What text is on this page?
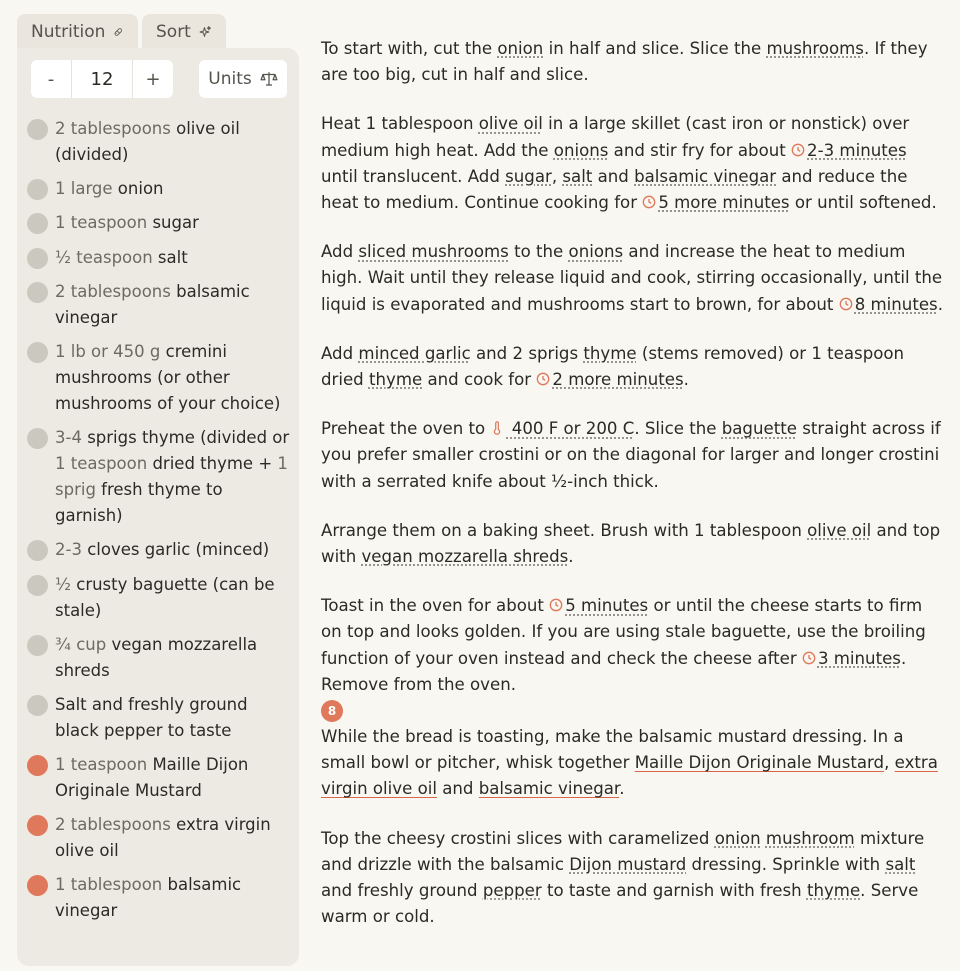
Nutrition	Sort
-	12	+	Units
2 tablespoons olive oil (divided)
1 large onion
1 teaspoon sugar
½ teaspoon salt
2 tablespoons balsamic vinegar
1 lb or 450 g cremini mushrooms (or other mushrooms of your choice)
3-4 sprigs thyme (divided or 1 teaspoon dried thyme + 1 sprig fresh thyme to garnish)
2-3 cloves garlic (minced)
½ crusty baguette (can be stale)
¾ cup vegan mozzarella shreds
Salt and freshly ground black pepper to taste
1 teaspoon Maille Dijon Originale Mustard
2 tablespoons extra virgin olive oil
1 tablespoon balsamic vinegar

To start with, cut the onion in half and slice. Slice the mushrooms. If they are too big, cut in half and slice.

Heat 1 tablespoon olive oil in a large skillet (cast iron or nonstick) over medium high heat. Add the onions and stir fry for about 2-3 minutes until translucent. Add sugar, salt and balsamic vinegar and reduce the heat to medium. Continue cooking for 5 more minutes or until softened.

Add sliced mushrooms to the onions and increase the heat to medium high. Wait until they release liquid and cook, stirring occasionally, until the liquid is evaporated and mushrooms start to brown, for about 8 minutes.

Add minced garlic and 2 sprigs thyme (stems removed) or 1 teaspoon dried thyme and cook for 2 more minutes.

Preheat the oven to  400 F or 200 C. Slice the baguette straight across if you prefer smaller crostini or on the diagonal for larger and longer crostini with a serrated knife about ½-inch thick.

Arrange them on a baking sheet. Brush with 1 tablespoon olive oil and top with vegan mozzarella shreds.

Toast in the oven for about 5 minutes or until the cheese starts to firm on top and looks golden. If you are using stale baguette, use the broiling function of your oven instead and check the cheese after 3 minutes. Remove from the oven.

8
While the bread is toasting, make the balsamic mustard dressing. In a small bowl or pitcher, whisk together Maille Dijon Originale Mustard, extra virgin olive oil and balsamic vinegar.

Top the cheesy crostini slices with caramelized onion mushroom mixture and drizzle with the balsamic Dijon mustard dressing. Sprinkle with salt and freshly ground pepper to taste and garnish with fresh thyme. Serve warm or cold.
